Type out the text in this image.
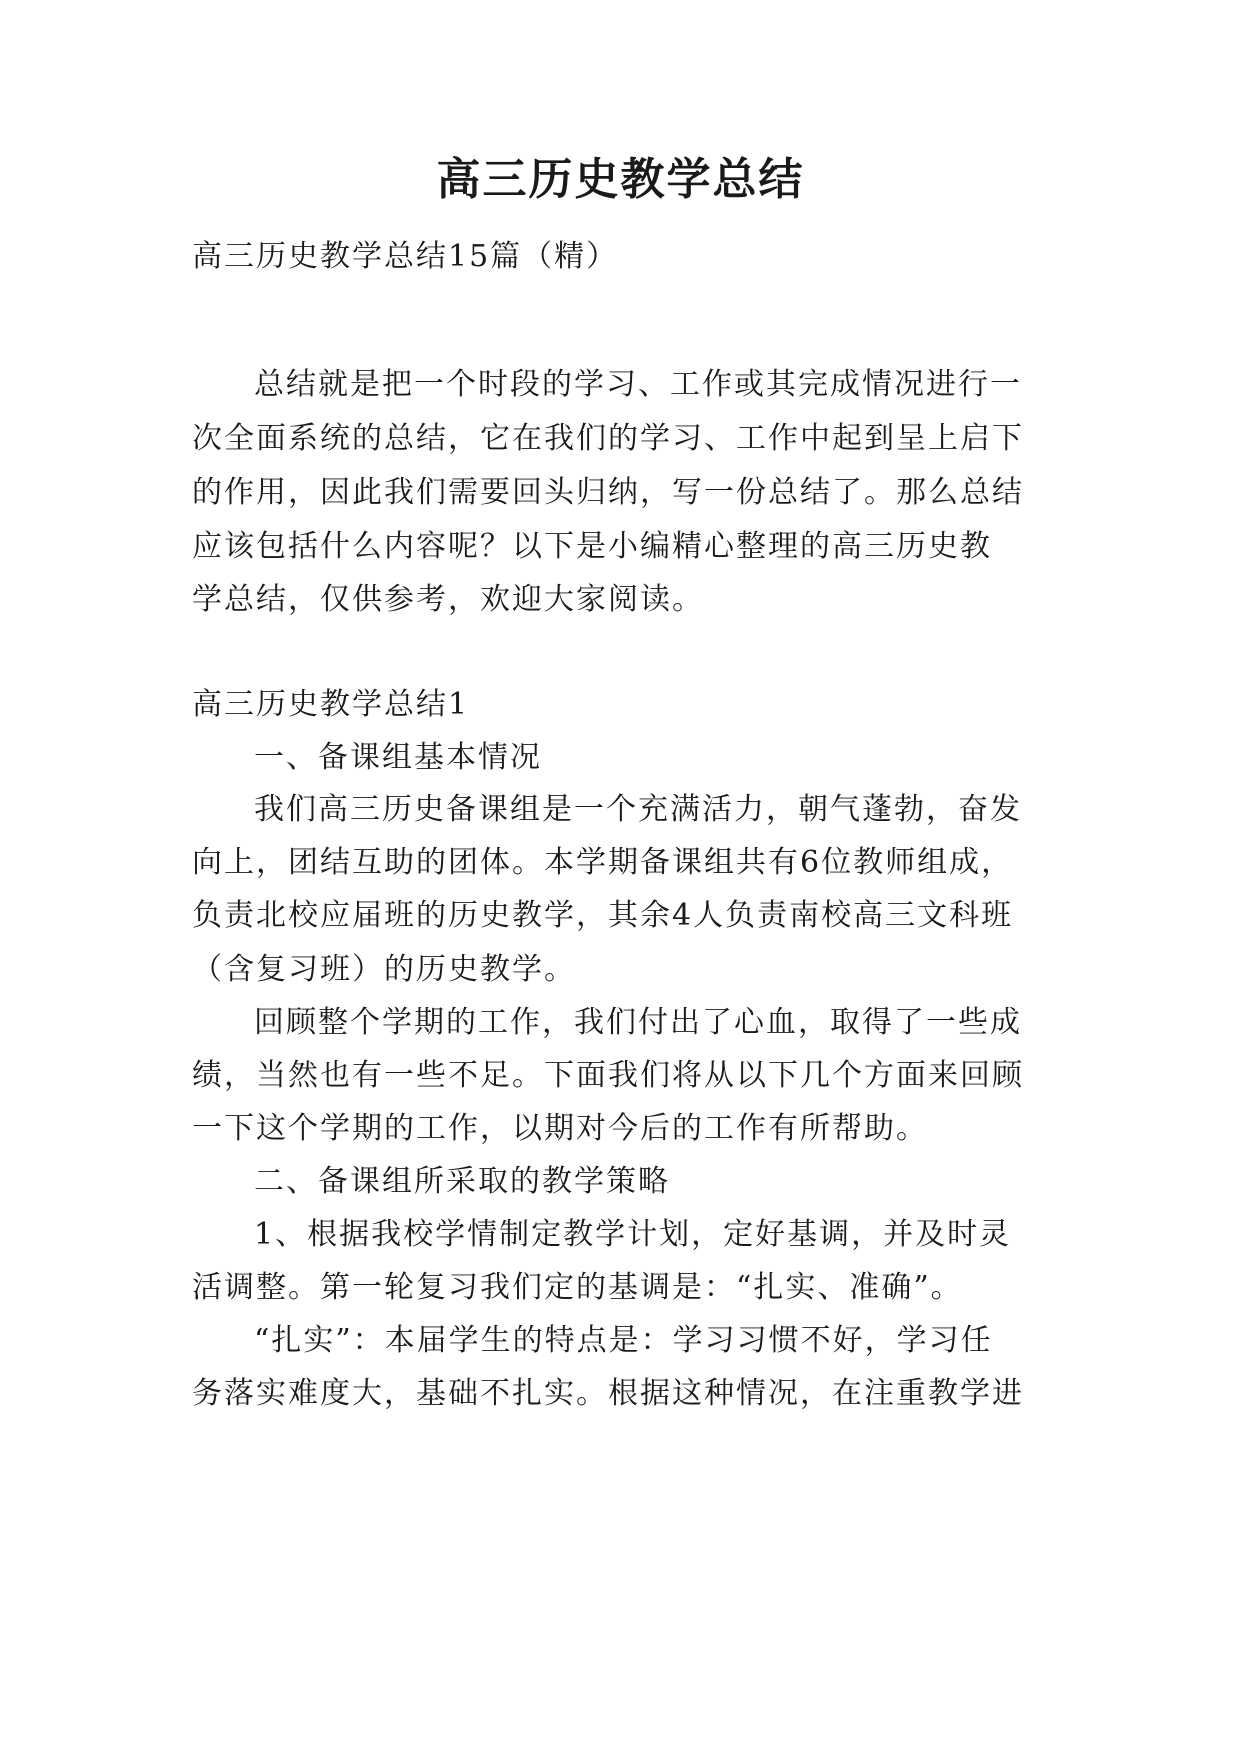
高三历史教学总结
高三历史教学总结15篇（精）
总结就是把一个时段的学习、工作或其完成情况进行一
次全面系统的总结，它在我们的学习、工作中起到呈上启下
的作用，因此我们需要回头归纳，写一份总结了。那么总结
应该包括什么内容呢？以下是小编精心整理的高三历史教
学总结，仅供参考，欢迎大家阅读。
高三历史教学总结1
一、备课组基本情况
我们高三历史备课组是一个充满活力，朝气蓬勃，奋发
向上，团结互助的团体。本学期备课组共有6位教师组成，
负责北校应届班的历史教学，其余4人负责南校高三文科班
（含复习班）的历史教学。
回顾整个学期的工作，我们付出了心血，取得了一些成
绩，当然也有一些不足。下面我们将从以下几个方面来回顾
一下这个学期的工作，以期对今后的工作有所帮助。
二、备课组所采取的教学策略
1、根据我校学情制定教学计划，定好基调，并及时灵
活调整。第一轮复习我们定的基调是：“扎实、准确”。
“扎实”：本届学生的特点是：学习习惯不好，学习任
务落实难度大，基础不扎实。根据这种情况，在注重教学进
